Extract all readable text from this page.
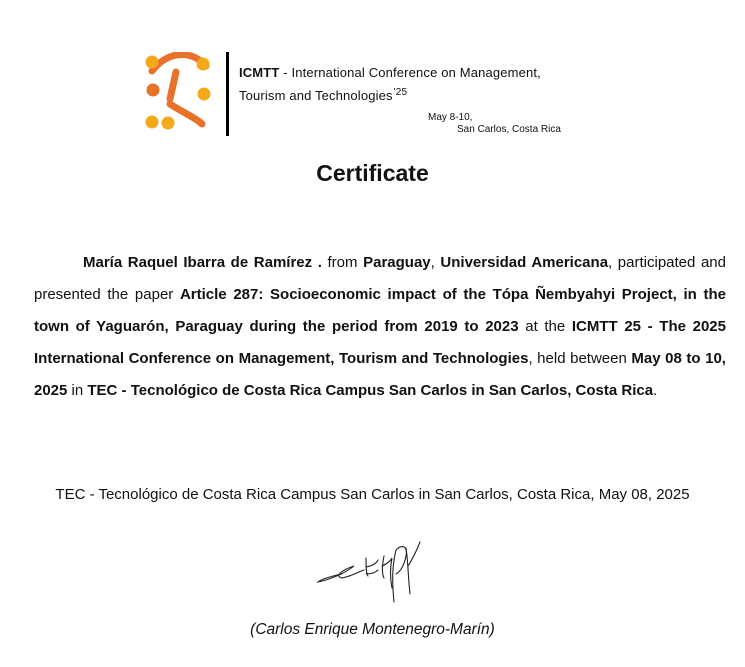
ICMTT - International Conference on Management,
Tourism and Technologies$^{'25}$
May 8-10,
San Carlos, Costa Rica
Certificate
María Raquel Ibarra de Ramírez . from Paraguay, Universidad Americana, participated and presented the paper Article 287: Socioeconomic impact of the Tópa Ñembyahyi Project, in the town of Yaguarón, Paraguay during the period from 2019 to 2023 at the ICMTT 25 - The 2025 International Conference on Management, Tourism and Technologies, held between May 08 to 10, 2025 in TEC - Tecnológico de Costa Rica Campus San Carlos in San Carlos, Costa Rica.
TEC - Tecnológico de Costa Rica Campus San Carlos in San Carlos, Costa Rica, May 08, 2025
(Carlos Enrique Montenegro-Marín)
